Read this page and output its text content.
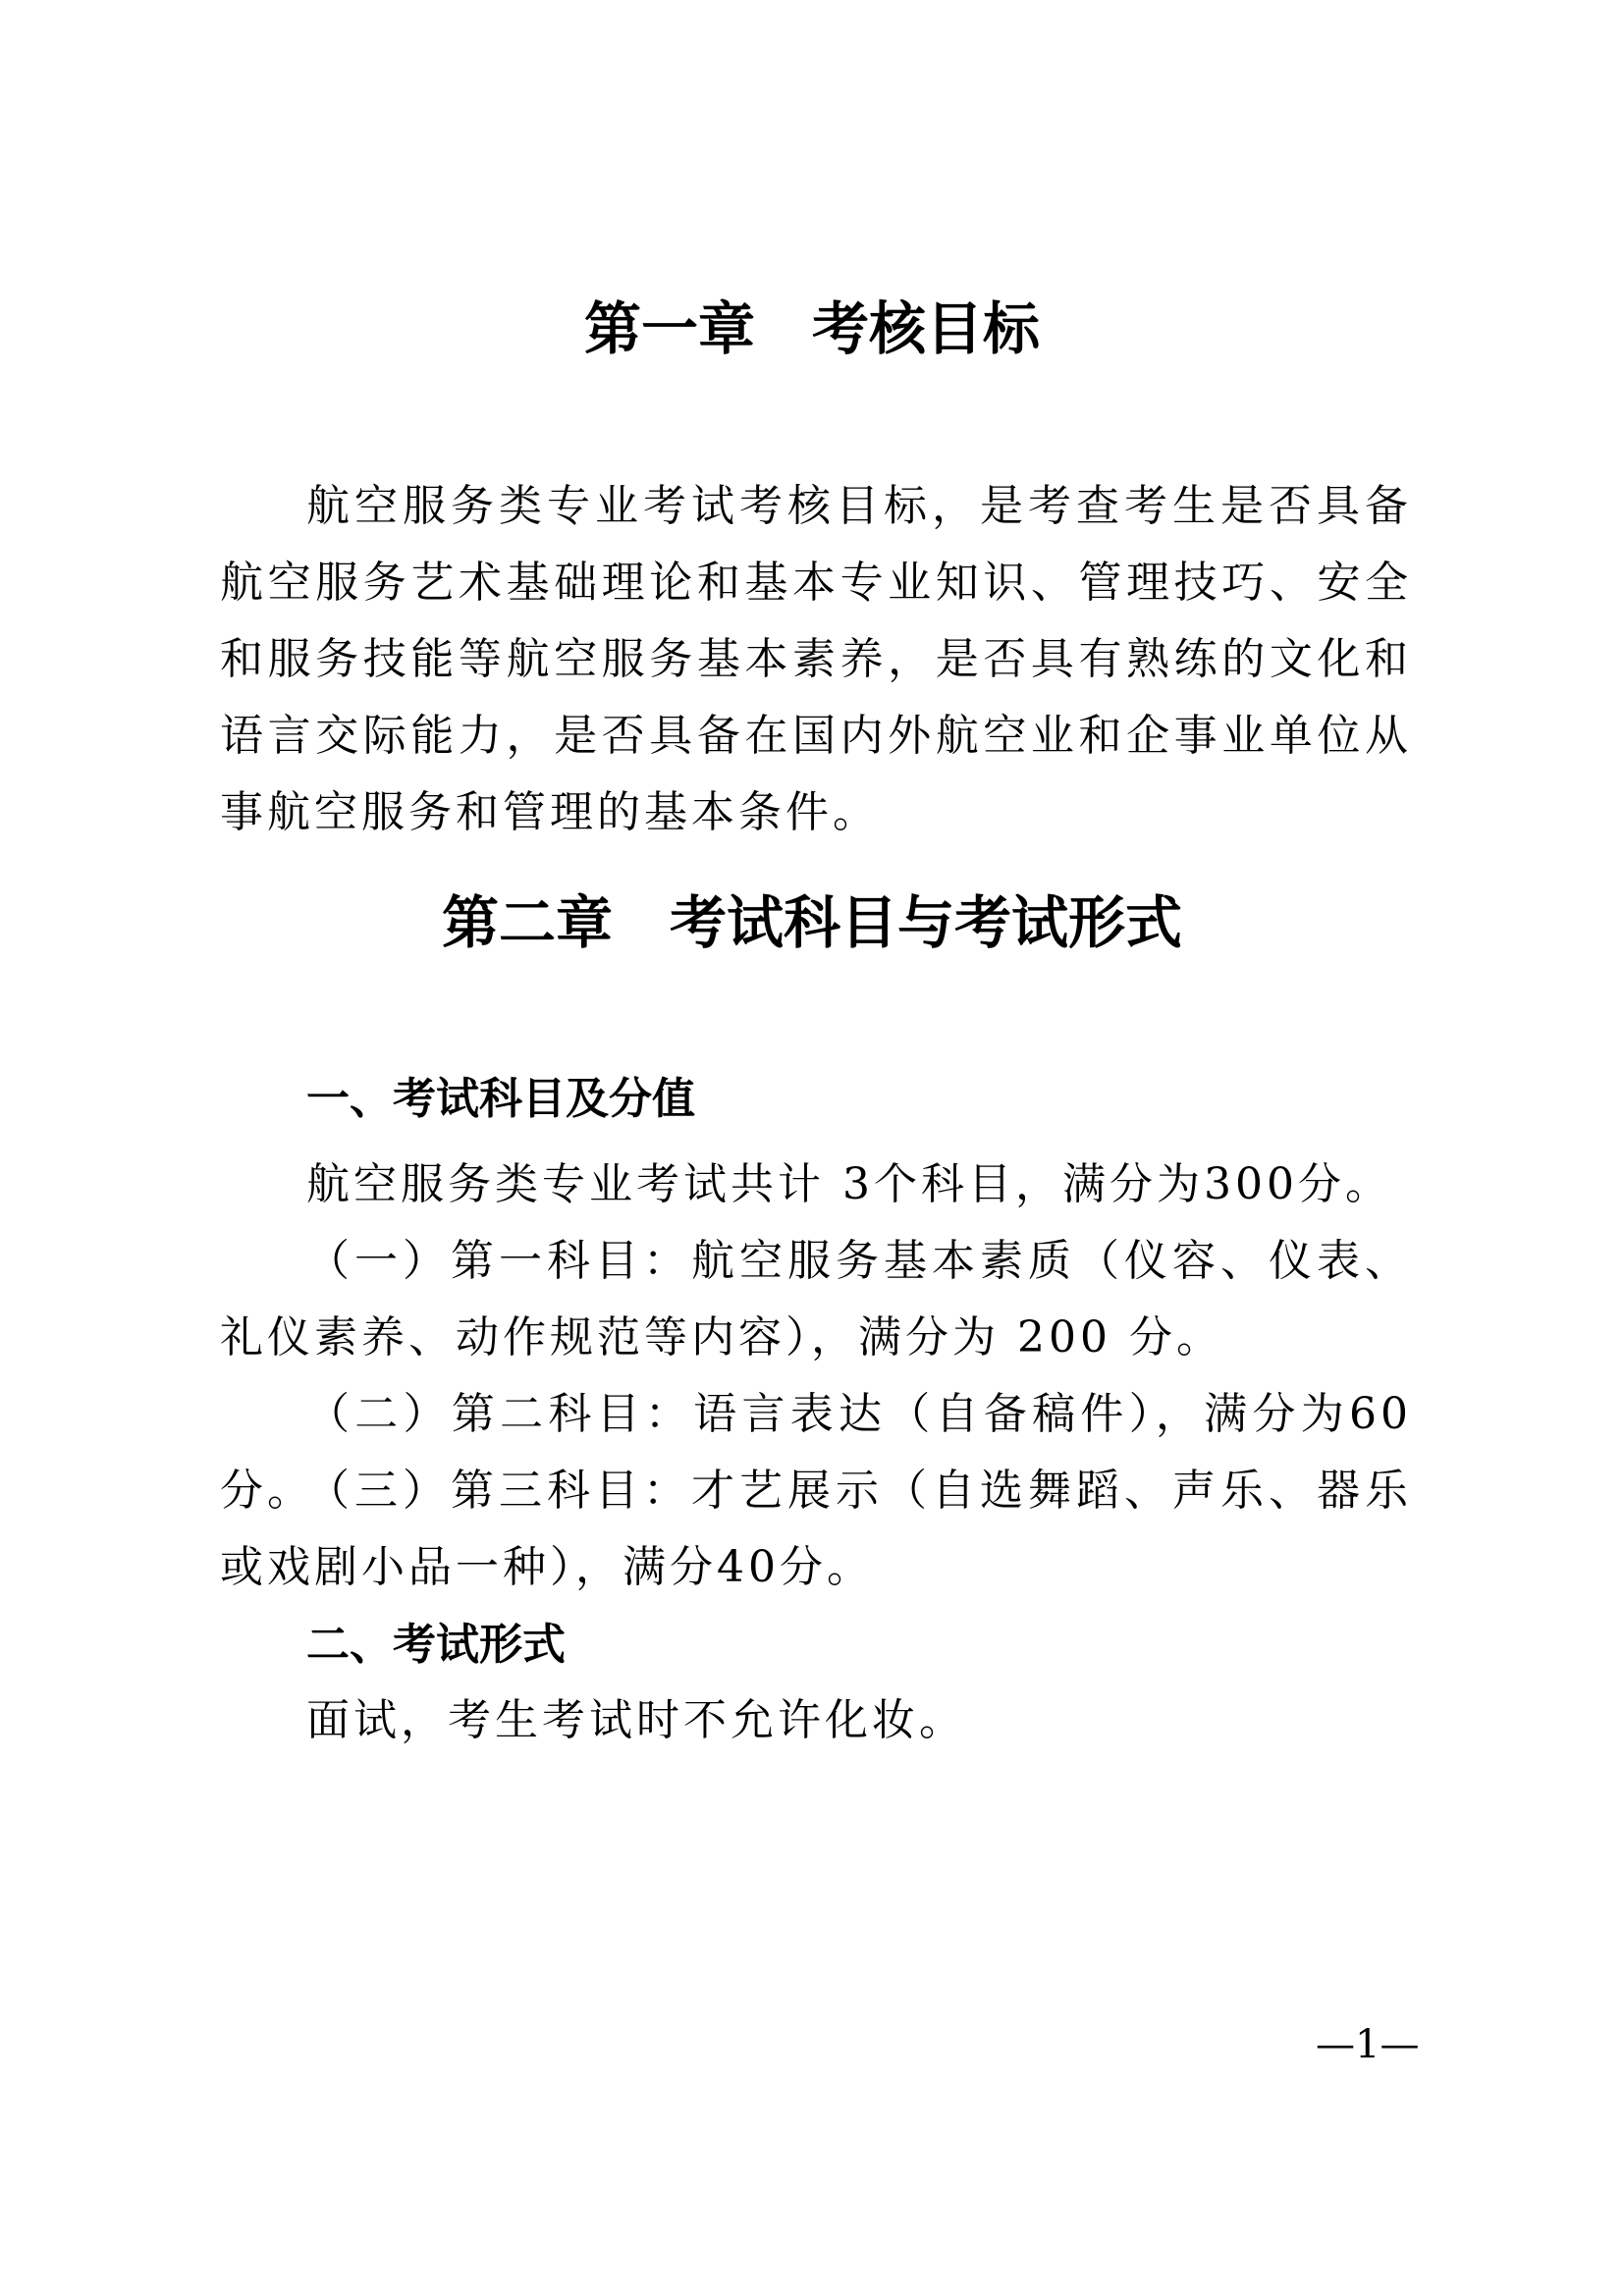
第一章 考核目标

航空服务类专业考试考核目标，是考查考生是否具备航空服务艺术基础理论和基本专业知识、管理技巧、安全和服务技能等航空服务基本素养，是否具有熟练的文化和语言交际能力，是否具备在国内外航空业和企事业单位从事航空服务和管理的基本条件。

第二章 考试科目与考试形式
一、考试科目及分值

航空服务类专业考试共计 3个科目，满分为300分。

（一）第一科目：航空服务基本素质（仪容、仪表、礼仪素养、动作规范等内容），满分为 200 分。

（二）第二科目：语言表达（自备稿件），满分为60分。

（三）第三科目：才艺展示（自选舞蹈、声乐、器乐或戏剧小品一种），满分40分。

二、考试形式

面试，考生考试时不允许化妆。

—1—
